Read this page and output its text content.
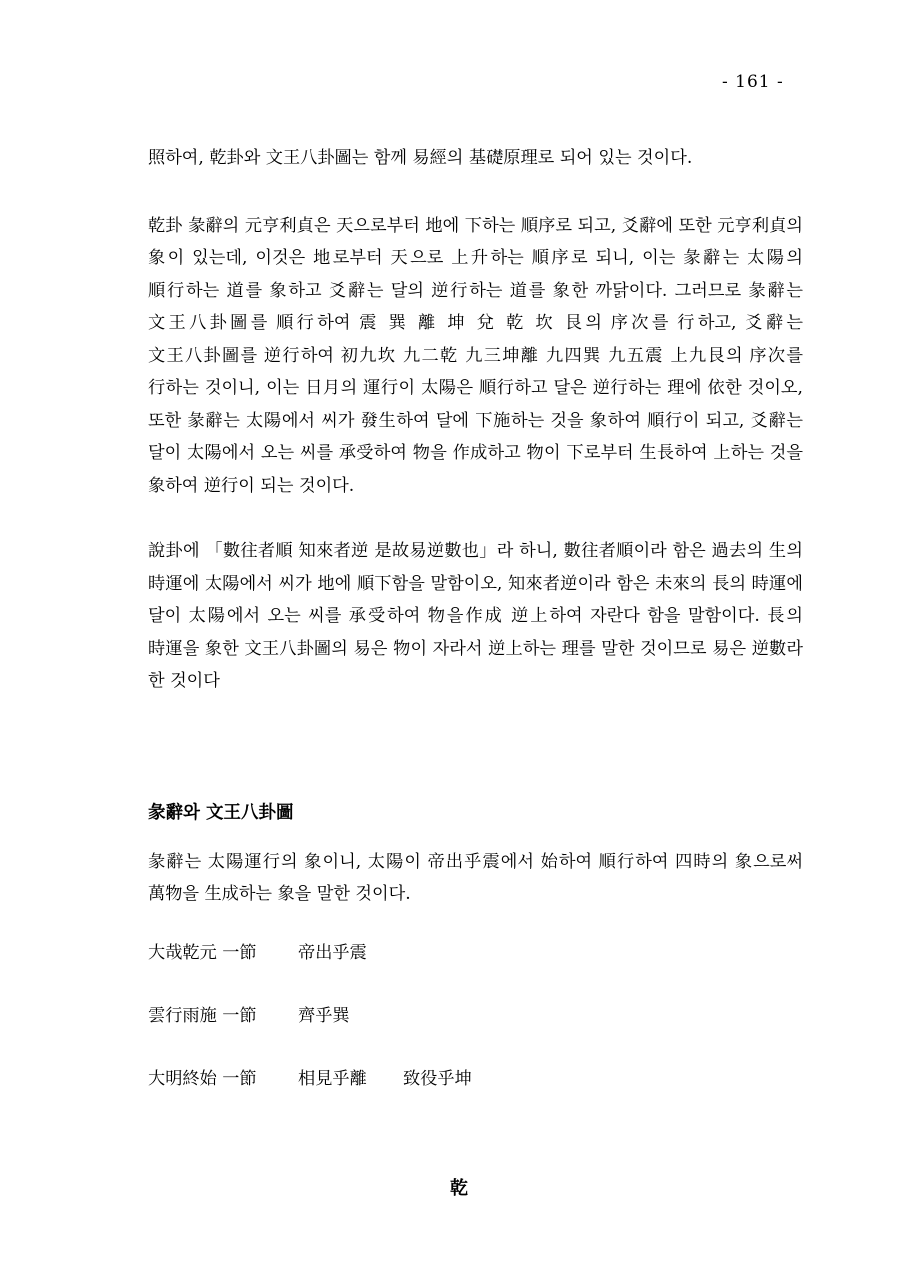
- 161 -

照하여, 乾卦와 文王八卦圖는 함께 易經의 基礎原理로 되어 있는 것이다.

乾卦 彖辭의 元亨利貞은 天으로부터 地에 下하는 順序로 되고, 爻辭에 또한 元亨利貞의 象이 있는데, 이것은 地로부터 天으로 上升하는 順序로 되니, 이는 彖辭는 太陽의 順行하는 道를 象하고 爻辭는 달의 逆行하는 道를 象한 까닭이다. 그러므로 彖辭는 文王八卦圖를 順行하여 震 巽 離 坤 兌 乾 坎 艮의 序次를 行하고, 爻辭는 文王八卦圖를 逆行하여 初九坎 九二乾 九三坤離 九四巽 九五震 上九艮의 序次를 行하는 것이니, 이는 日月의 運行이 太陽은 順行하고 달은 逆行하는 理에 依한 것이오, 또한 彖辭는 太陽에서 씨가 發生하여 달에 下施하는 것을 象하여 順行이 되고, 爻辭는 달이 太陽에서 오는 씨를 承受하여 物을 作成하고 物이 下로부터 生長하여 上하는 것을 象하여 逆行이 되는 것이다.

說卦에 「數往者順 知來者逆 是故易逆數也」라 하니, 數往者順이라 함은 過去의 生의 時運에 太陽에서 씨가 地에 順下함을 말함이오, 知來者逆이라 함은 未來의 長의 時運에 달이 太陽에서 오는 씨를 承受하여 物을作成 逆上하여 자란다 함을 말함이다. 長의 時運을 象한 文王八卦圖의 易은 物이 자라서 逆上하는 理를 말한 것이므로 易은 逆數라 한 것이다

彖辭와 文王八卦圖

彖辭는 太陽運行의 象이니, 太陽이 帝出乎震에서 始하여 順行하여 四時의 象으로써 萬物을 生成하는 象을 말한 것이다.

大哉乾元 一節	帝出乎震
雲行雨施 一節	齊乎巽
大明終始 一節	相見乎離	致役乎坤
乾
